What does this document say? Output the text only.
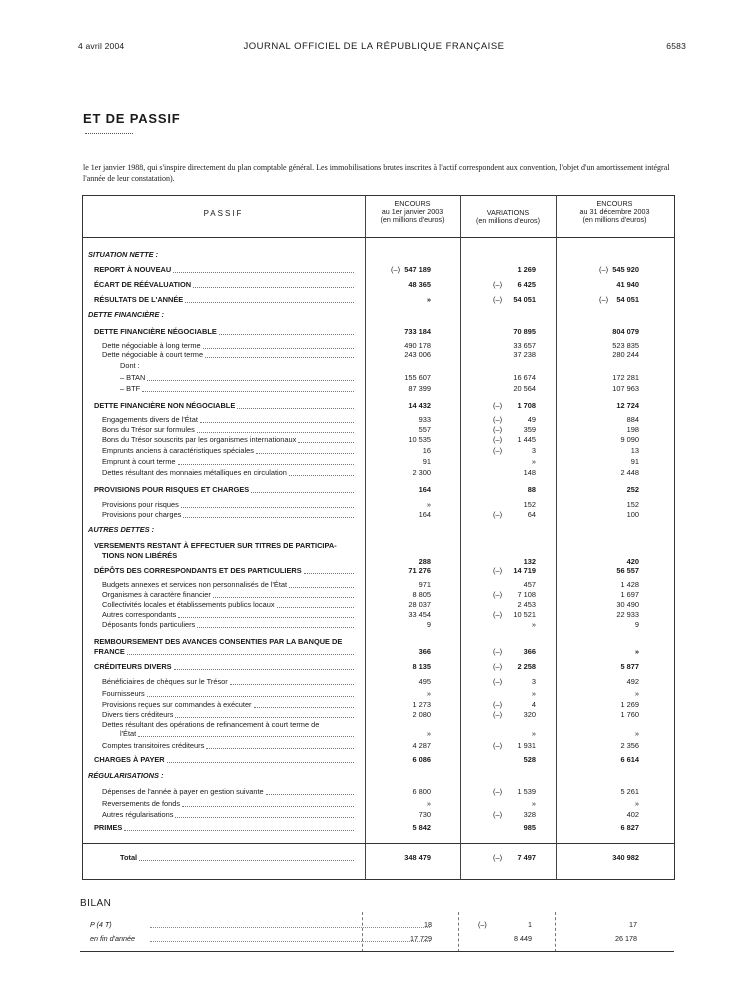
4 avril 2004	JOURNAL OFFICIEL DE LA RÉPUBLIQUE FRANÇAISE	6583
ET DE PASSIF
le 1er janvier 1988, qui s'inspire directement du plan comptable général. Les immobilisations brutes inscrites à l'actif correspondent aux convention, l'objet d'un amortissement intégral l'année de leur constatation).
PASSIF
ENCOURS
au 1er janvier 2003
(en millions d'euros)
VARIATIONS
(en millions d'euros)
ENCOURS
au 31 décembre 2003
(en millions d'euros)
SITUATION NETTE :
REPORT À NOUVEAU	(–) 547 189	1 269	(–) 545 920
ÉCART DE RÉÉVALUATION	48 365	(–)	6 425	41 940
RÉSULTATS DE L'ANNÉE	»	(–)	54 051	(–)	54 051
DETTE FINANCIÈRE :
DETTE FINANCIÈRE NÉGOCIABLE	733 184	70 895	804 079
Dette négociable à long terme	490 178	33 657	523 835
Dette négociable à court terme	243 006	37 238	280 244
Dont :
– BTAN	155 607	16 674	172 281
– BTF	87 399	20 564	107 963
DETTE FINANCIÈRE NON NÉGOCIABLE	14 432	(–)	1 708	12 724
Engagements divers de l'État	933	(–)	49	884
Bons du Trésor sur formules	557	(–)	359	198
Bons du Trésor souscrits par les organismes internationaux	10 535	(–)	1 445	9 090
Emprunts anciens à caractéristiques spéciales	16	(–)	3	13
Emprunt à court terme	91	»	91
Dettes résultant des monnaies métalliques en circulation	2 300	148	2 448
PROVISIONS POUR RISQUES ET CHARGES	164	88	252
Provisions pour risques	»	152	152
Provisions pour charges	164	(–)	64	100
AUTRES DETTES :
VERSEMENTS RESTANT À EFFECTUER SUR TITRES DE PARTICIPA-
TIONS NON LIBÉRÉS
288	132	420
DÉPÔTS DES CORRESPONDANTS ET DES PARTICULIERS	71 276	(–)	14 719	56 557
Budgets annexes et services non personnalisés de l'État	971	457	1 428
Organismes à caractère financier	8 805	(–)	7 108	1 697
Collectivités locales et établissements publics locaux	28 037	2 453	30 490
Autres correspondants	33 454	(–)	10 521	22 933
Déposants fonds particuliers	9	»	9
REMBOURSEMENT DES AVANCES CONSENTIES PAR LA BANQUE DE
FRANCE	366	(–)	366	»
CRÉDITEURS DIVERS	8 135	(–)	2 258	5 877
Bénéficiaires de chèques sur le Trésor	495	(–)	3	492
Fournisseurs	»	»	»
Provisions reçues sur commandes à exécuter	1 273	(–)	4	1 269
Divers tiers créditeurs	2 080	(–)	320	1 760
Dettes résultant des opérations de refinancement à court terme de
l'État	»	»	»
Comptes transitoires créditeurs	4 287	(–)	1 931	2 356
CHARGES À PAYER	6 086	528	6 614
RÉGULARISATIONS :
Dépenses de l'année à payer en gestion suivante	6 800	(–)	1 539	5 261
Reversements de fonds	»	»	»
Autres régularisations	730	(–)	328	402
PRIMES	5 842	985	6 827
Total	348 479	(–)	7 497	340 982
BILAN
P (4 T)	18	(–)	1	17
en fin d'année	17 729	8 449	26 178
